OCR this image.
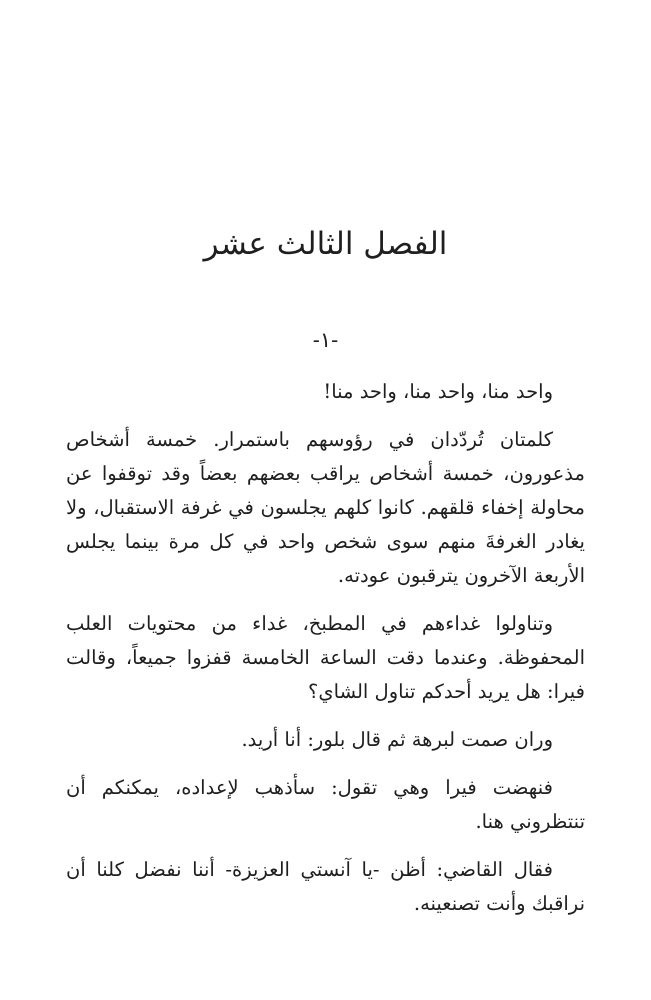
الفصل الثالث عشر
-١-

واحد منا، واحد منا، واحد منا!

كلمتان تُردّدان في رؤوسهم باستمرار. خمسة أشخاص مذعورون، خمسة أشخاص يراقب بعضهم بعضاً وقد توقفوا عن محاولة إخفاء قلقهم. كانوا كلهم يجلسون في غرفة الاستقبال، ولا يغادر الغرفةَ منهم سوى شخص واحد في كل مرة بينما يجلس الأربعة الآخرون يترقبون عودته.

وتناولوا غداءهم في المطبخ، غداء من محتويات العلب المحفوظة. وعندما دقت الساعة الخامسة قفزوا جميعاً، وقالت فيرا: هل يريد أحدكم تناول الشاي؟

وران صمت لبرهة ثم قال بلور: أنا أريد.

فنهضت فيرا وهي تقول: سأذهب لإعداده، يمكنكم أن تنتظروني هنا.

فقال القاضي: أظن -يا آنستي العزيزة- أننا نفضل كلنا أن نراقبك وأنت تصنعينه.
